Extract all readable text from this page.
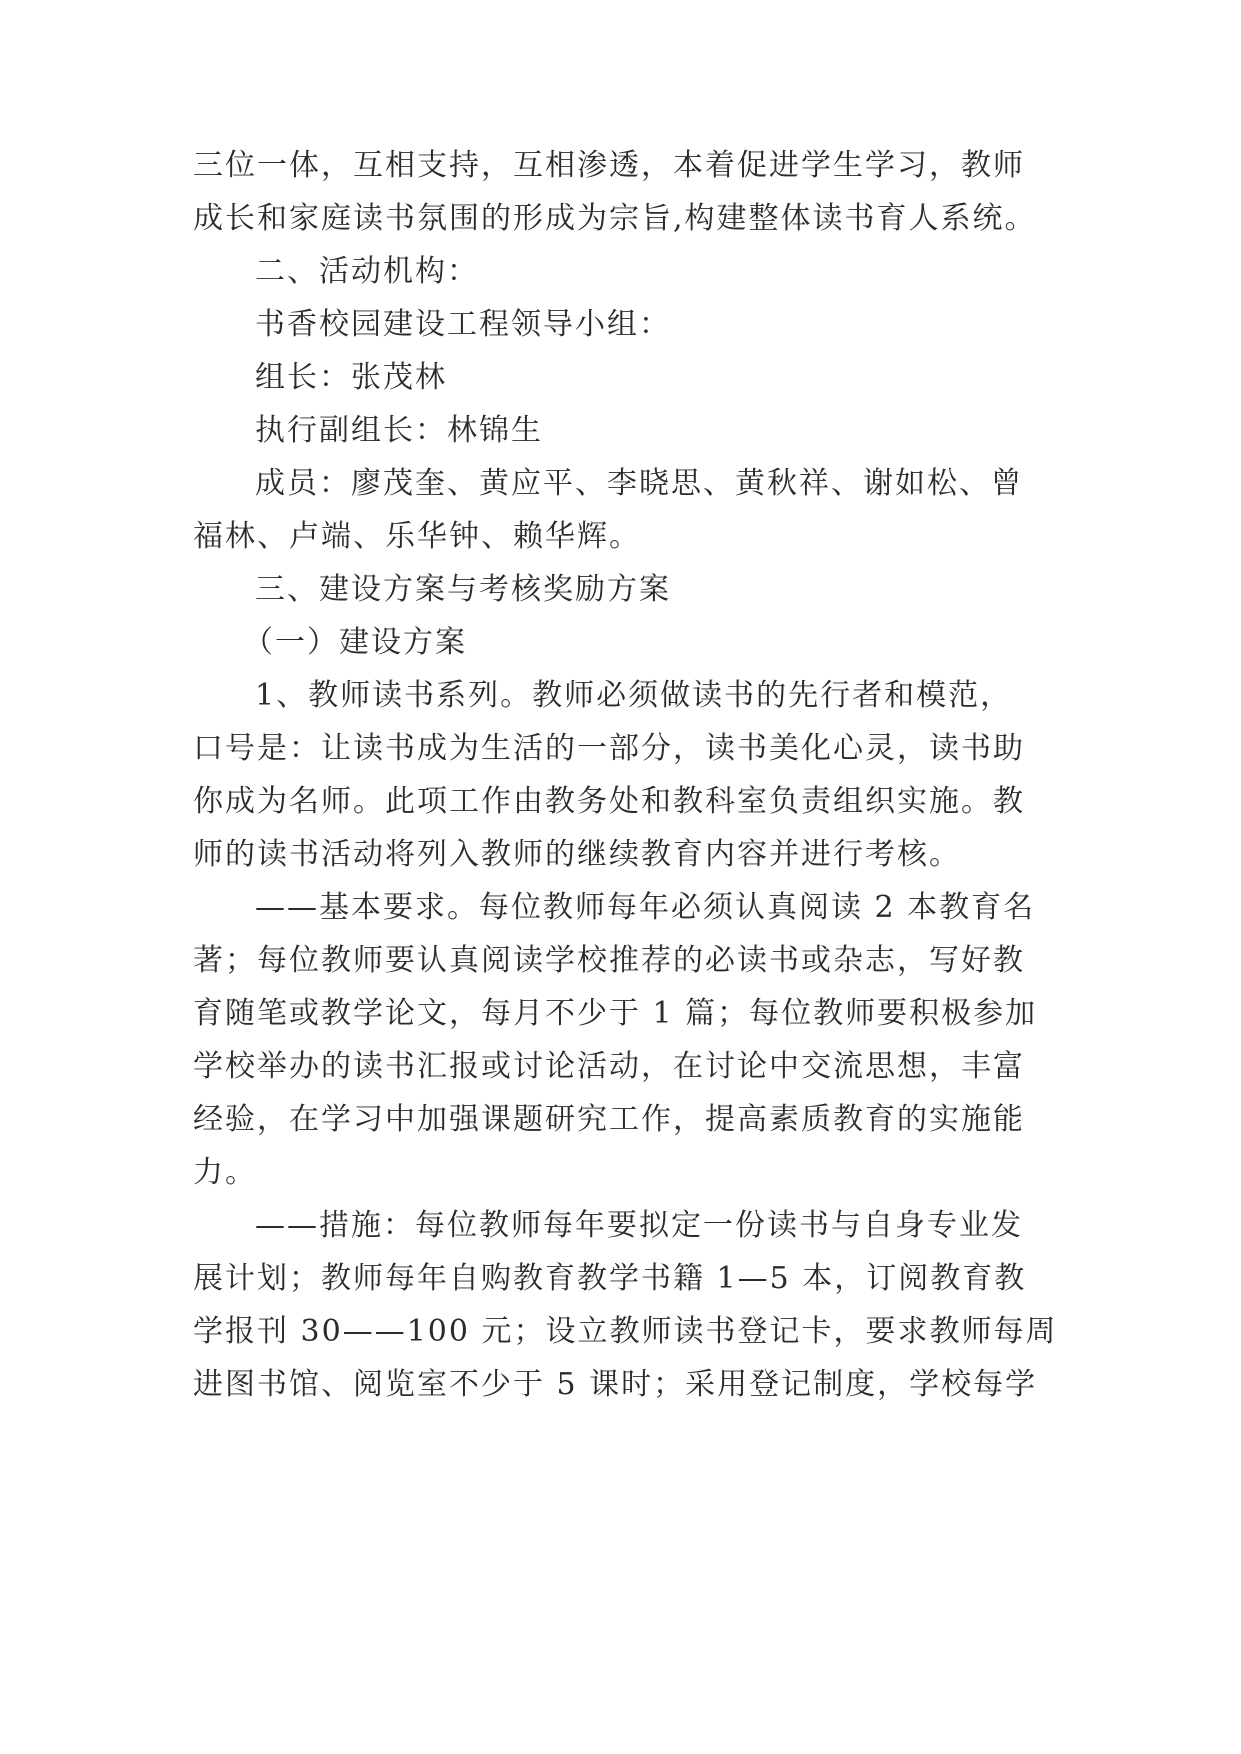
三位一体，互相支持，互相渗透，本着促进学生学习，教师
成长和家庭读书氛围的形成为宗旨,构建整体读书育人系统。
二、活动机构：
书香校园建设工程领导小组：
组长：张茂林
执行副组长：林锦生
成员：廖茂奎、黄应平、李晓思、黄秋祥、谢如松、曾
福林、卢端、乐华钟、赖华辉。
三、建设方案与考核奖励方案
（一）建设方案
1、教师读书系列。教师必须做读书的先行者和模范，
口号是：让读书成为生活的一部分，读书美化心灵，读书助
你成为名师。此项工作由教务处和教科室负责组织实施。教
师的读书活动将列入教师的继续教育内容并进行考核。
——基本要求。每位教师每年必须认真阅读 2 本教育名
著；每位教师要认真阅读学校推荐的必读书或杂志，写好教
育随笔或教学论文，每月不少于 1 篇；每位教师要积极参加
学校举办的读书汇报或讨论活动，在讨论中交流思想，丰富
经验，在学习中加强课题研究工作，提高素质教育的实施能
力。
——措施：每位教师每年要拟定一份读书与自身专业发
展计划；教师每年自购教育教学书籍 1—5 本，订阅教育教
学报刊 30——100 元；设立教师读书登记卡，要求教师每周
进图书馆、阅览室不少于 5 课时；采用登记制度，学校每学
